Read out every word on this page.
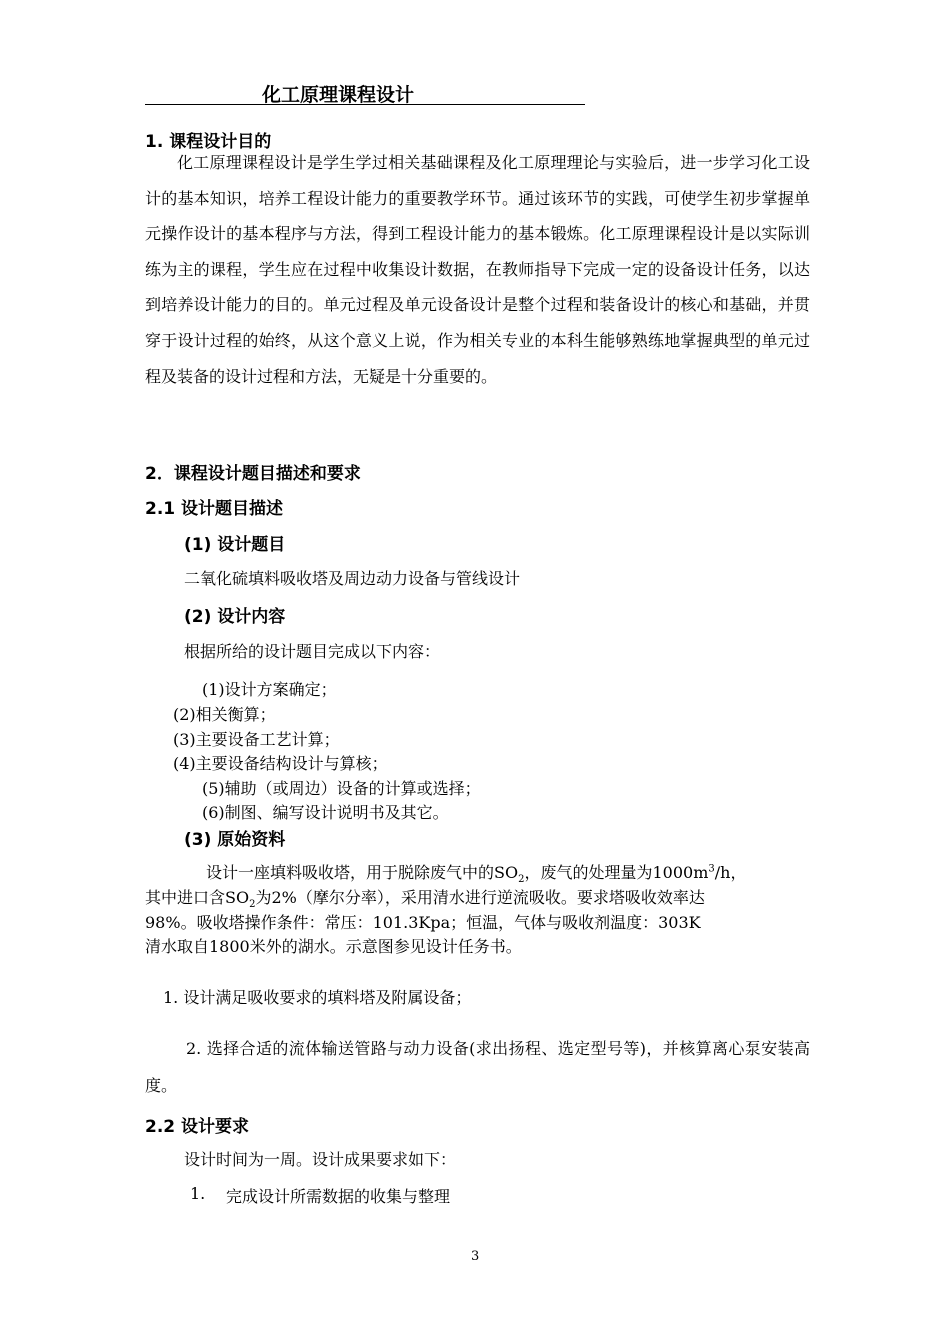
化工原理课程设计
1. 课程设计目的
化工原理课程设计是学生学过相关基础课程及化工原理理论与实验后，进一步学习化工设计的基本知识，培养工程设计能力的重要教学环节。通过该环节的实践，可使学生初步掌握单元操作设计的基本程序与方法，得到工程设计能力的基本锻炼。化工原理课程设计是以实际训练为主的课程，学生应在过程中收集设计数据，在教师指导下完成一定的设备设计任务，以达到培养设计能力的目的。单元过程及单元设备设计是整个过程和装备设计的核心和基础，并贯穿于设计过程的始终，从这个意义上说，作为相关专业的本科生能够熟练地掌握典型的单元过程及装备的设计过程和方法，无疑是十分重要的。
2．课程设计题目描述和要求
2.1 设计题目描述
(1) 设计题目
二氧化硫填料吸收塔及周边动力设备与管线设计
(2) 设计内容
根据所给的设计题目完成以下内容：
(1)设计方案确定；
(2)相关衡算；
(3)主要设备工艺计算；
(4)主要设备结构设计与算核；
(5)辅助（或周边）设备的计算或选择；
(6)制图、编写设计说明书及其它。
(3) 原始资料
设计一座填料吸收塔，用于脱除废气中的$SO_2$，废气的处理量为$1000m^3/h$，
其中进口含$SO_2$为2%（摩尔分率），采用清水进行逆流吸收。要求塔吸收效率达
98%。吸收塔操作条件：常压：101.3Kpa；恒温，气体与吸收剂温度：303K
清水取自1800米外的湖水。示意图参见设计任务书。
1. 设计满足吸收要求的填料塔及附属设备；
2. 选择合适的流体输送管路与动力设备(求出扬程、选定型号等)，并核算离心泵安装高度。
2.2 设计要求
设计时间为一周。设计成果要求如下：
1. 完成设计所需数据的收集与整理
3
